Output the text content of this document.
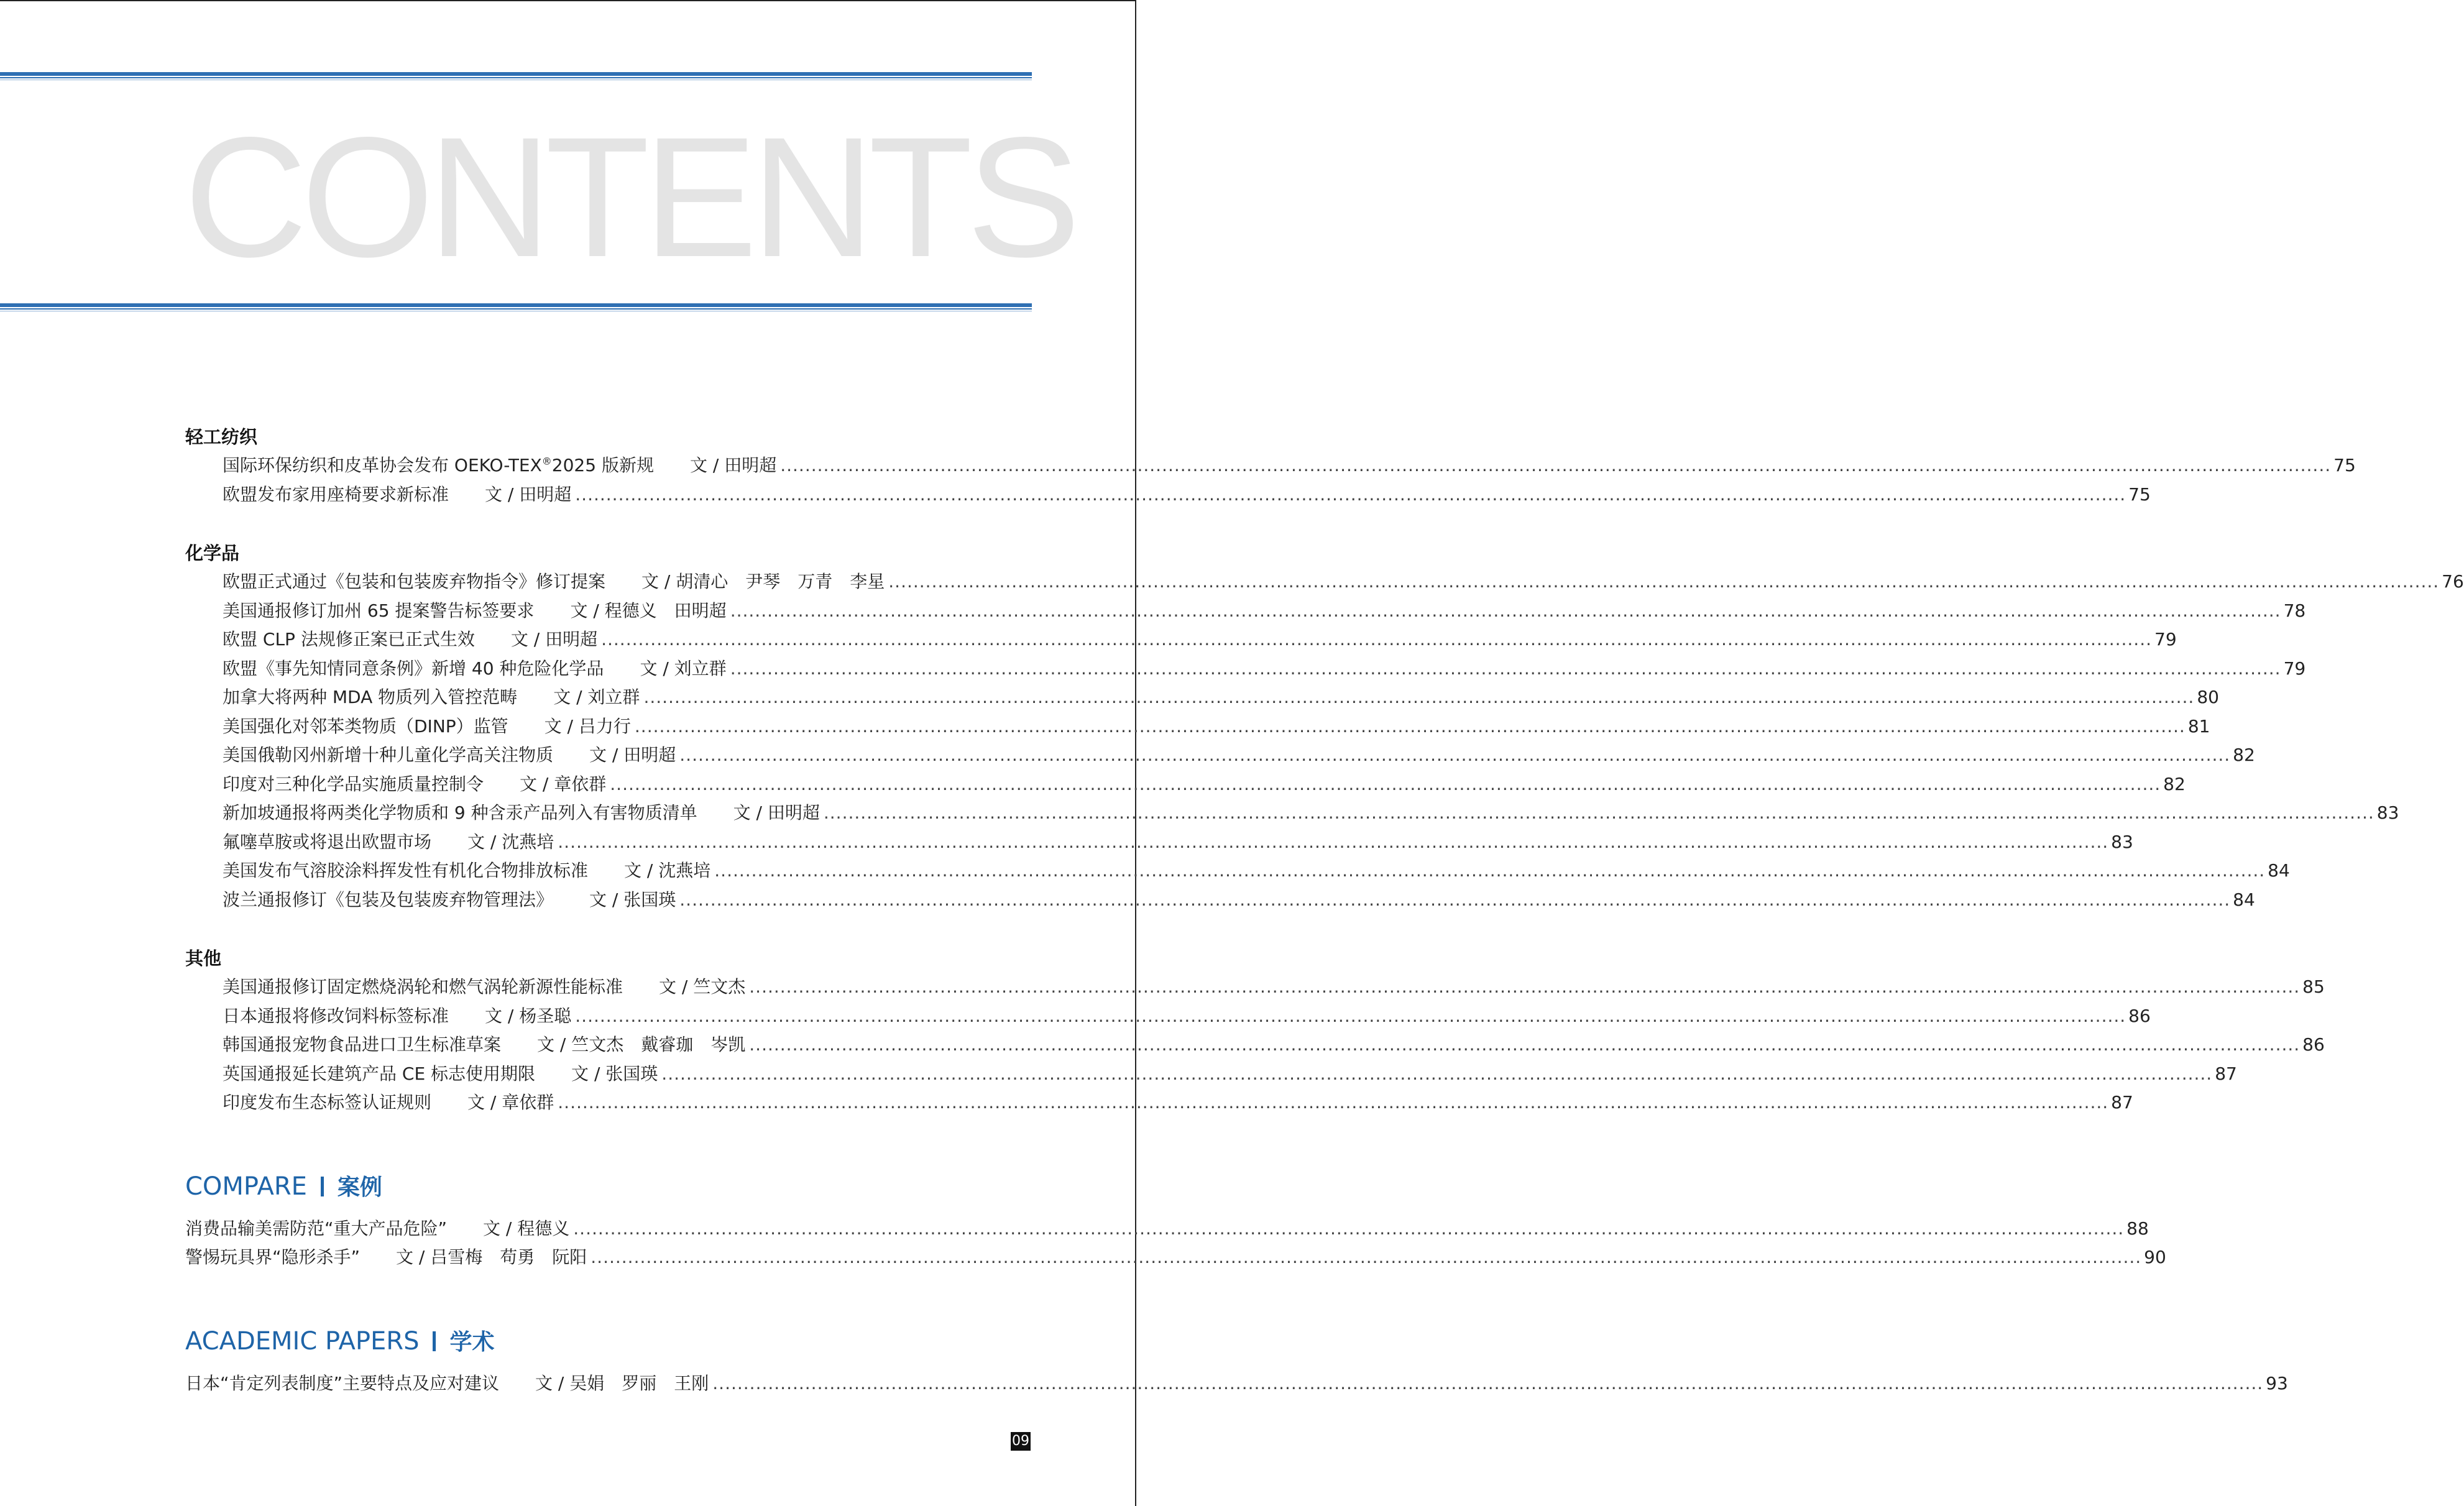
CONTENTS
轻工纺织
国际环保纺织和皮革协会发布 OEKO-TEX®2025 版新规 文 / 田明超 ............................................................................................................................................................................................................................................................ 75
欧盟发布家用座椅要求新标准 文 / 田明超 ............................................................................................................................................................................................................................................................ 75
化学品
欧盟正式通过《包装和包装废弃物指令》修订提案 文 / 胡清心　尹琴　万青　李星 ............................................................................................................................................................................................................................................................ 76
美国通报修订加州 65 提案警告标签要求 文 / 程德义　田明超 ............................................................................................................................................................................................................................................................ 78
欧盟 CLP 法规修正案已正式生效 文 / 田明超 ............................................................................................................................................................................................................................................................ 79
欧盟《事先知情同意条例》新增 40 种危险化学品 文 / 刘立群 ............................................................................................................................................................................................................................................................ 79
加拿大将两种 MDA 物质列入管控范畴 文 / 刘立群 ............................................................................................................................................................................................................................................................ 80
美国强化对邻苯类物质（DINP）监管 文 / 吕力行 ............................................................................................................................................................................................................................................................ 81
美国俄勒冈州新增十种儿童化学高关注物质 文 / 田明超 ............................................................................................................................................................................................................................................................ 82
印度对三种化学品实施质量控制令 文 / 章依群 ............................................................................................................................................................................................................................................................ 82
新加坡通报将两类化学物质和 9 种含汞产品列入有害物质清单 文 / 田明超 ............................................................................................................................................................................................................................................................ 83
氟噻草胺或将退出欧盟市场 文 / 沈燕培 ............................................................................................................................................................................................................................................................ 83
美国发布气溶胶涂料挥发性有机化合物排放标准 文 / 沈燕培 ............................................................................................................................................................................................................................................................ 84
波兰通报修订《包装及包装废弃物管理法》 文 / 张国瑛 ............................................................................................................................................................................................................................................................ 84
其他
美国通报修订固定燃烧涡轮和燃气涡轮新源性能标准 文 / 竺文杰 ............................................................................................................................................................................................................................................................ 85
日本通报将修改饲料标签标准 文 / 杨圣聪 ............................................................................................................................................................................................................................................................ 86
韩国通报宠物食品进口卫生标准草案 文 / 竺文杰　戴睿珈　岑凯 ............................................................................................................................................................................................................................................................ 86
英国通报延长建筑产品 CE 标志使用期限 文 / 张国瑛 ............................................................................................................................................................................................................................................................ 87
印度发布生态标签认证规则 文 / 章依群 ............................................................................................................................................................................................................................................................ 87
COMPARE 案例
消费品输美需防范“重大产品危险” 文 / 程德义 ............................................................................................................................................................................................................................................................ 88
警惕玩具界“隐形杀手” 文 / 吕雪梅　苟勇　阮阳 ............................................................................................................................................................................................................................................................ 90
ACADEMIC PAPERS 学术
日本“肯定列表制度”主要特点及应对建议 文 / 吴娟　罗丽　王刚 ............................................................................................................................................................................................................................................................ 93
09
